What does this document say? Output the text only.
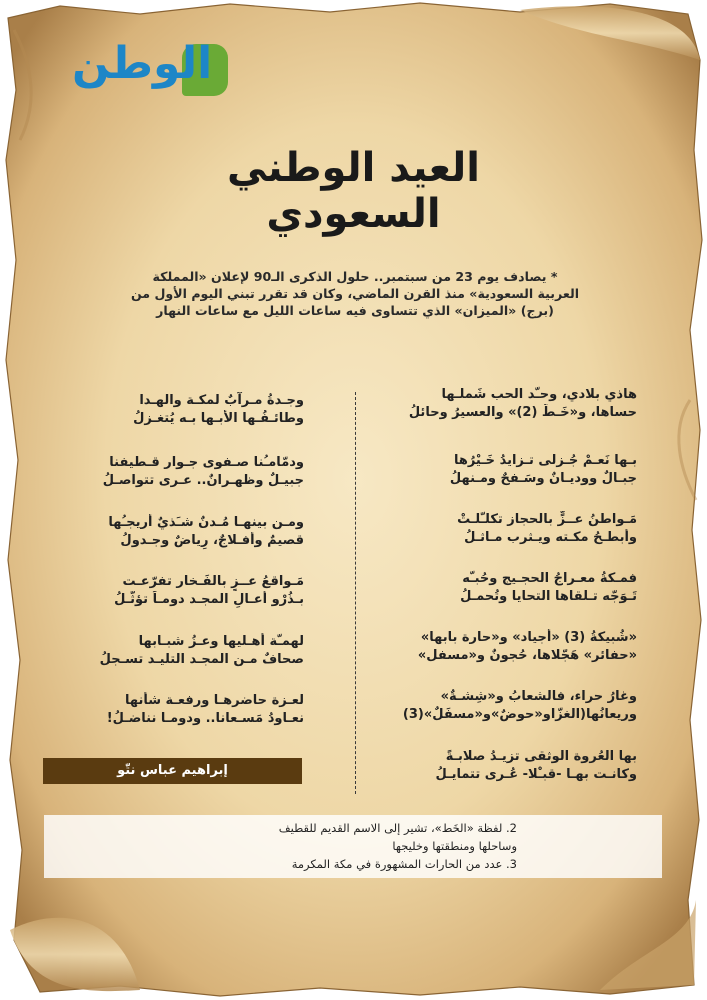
الوطن
العيد الوطني
السعودي

* يصادف يوم 23 من سبتمبر.. حلول الذكرى الـ90 لإعلان «المملكة

العربية السعودية» منذ القرن الماضي، وكان قد تقرر تبني اليوم الأول من

(برج) «الميزان» الذي تتساوى فيه ساعات الليل مع ساعات النهار

هاذي بلادي، وحـّد الحب شَملـها
حساها، و«خَـطّ (2)» والعسيرُ وحائلُ
بـها نَعـمْ جُـزلى تـزايدُ خَـيْرُها
جبـالٌ ووديـانٌ وسَـفحٌ ومـنهلُ
مَـواطنُ عــزٍّ بالحجاز تكلـّلـتْ
وأبطـحُ مكـته ويـثرب مـاثـلُ
فمـكةُ معـراجُ الحجـيج وحُبـّه
تَـوَجّه تـلقاها التحايا وتُحمـلُ
«شُبيكةُ (3) «أجياد» و«حارة بابها»
«حفائر» هَجّلاها، حُجونٌ و«مسفل»
وغارُ حراء، فالشعابُ و«شِشـةٌ»
وريعانُها(الغزّاو«حوضٌ»و«مسفَلٌ»(3)
بها العُروة الوثقى تزيـدُ صلابـةً
وكانـت بهـا -قبـْلا- عُـرى تتمايـلُ
وجـدةُ مـرآبٌ لمكـة والهـدا
وطائـفُـها الأبـها بـه يُتغـزلُ
ودمّامـُنا صـفوى جـوار قـطيفنا
جبيـلٌ وظهـرانٌ.. عـرى تتواصـلُ
ومـن بينهـا مُـدنٌ شـَذيٌ أريجـُها
قصيمٌ وأفـلاجٌ، رِياضٌ وجـدولُ
مَـواقعُ عــزٍ بالفَـخار تفرّعـت
بـذُرْو أعـالِ المجـد دومـاً تؤثّـلُ
لهمـّة أهـليها وعـزُ شبـابها
صحافٌ مـن المجـد التليـد تسـجلُ
لعـزة حاضرهـا ورفعـة شأنها
نعـاودُ مَسـعانا.. ودومـا نناضـلُ!
إبراهيم عباس نتّو
2. لفظة «الخَط»، تشير إلى الاسم القديم للقطيف
وساحلها ومنطقتها وخليجها
3. عدد من الحارات المشهورة في مكة المكرمة
